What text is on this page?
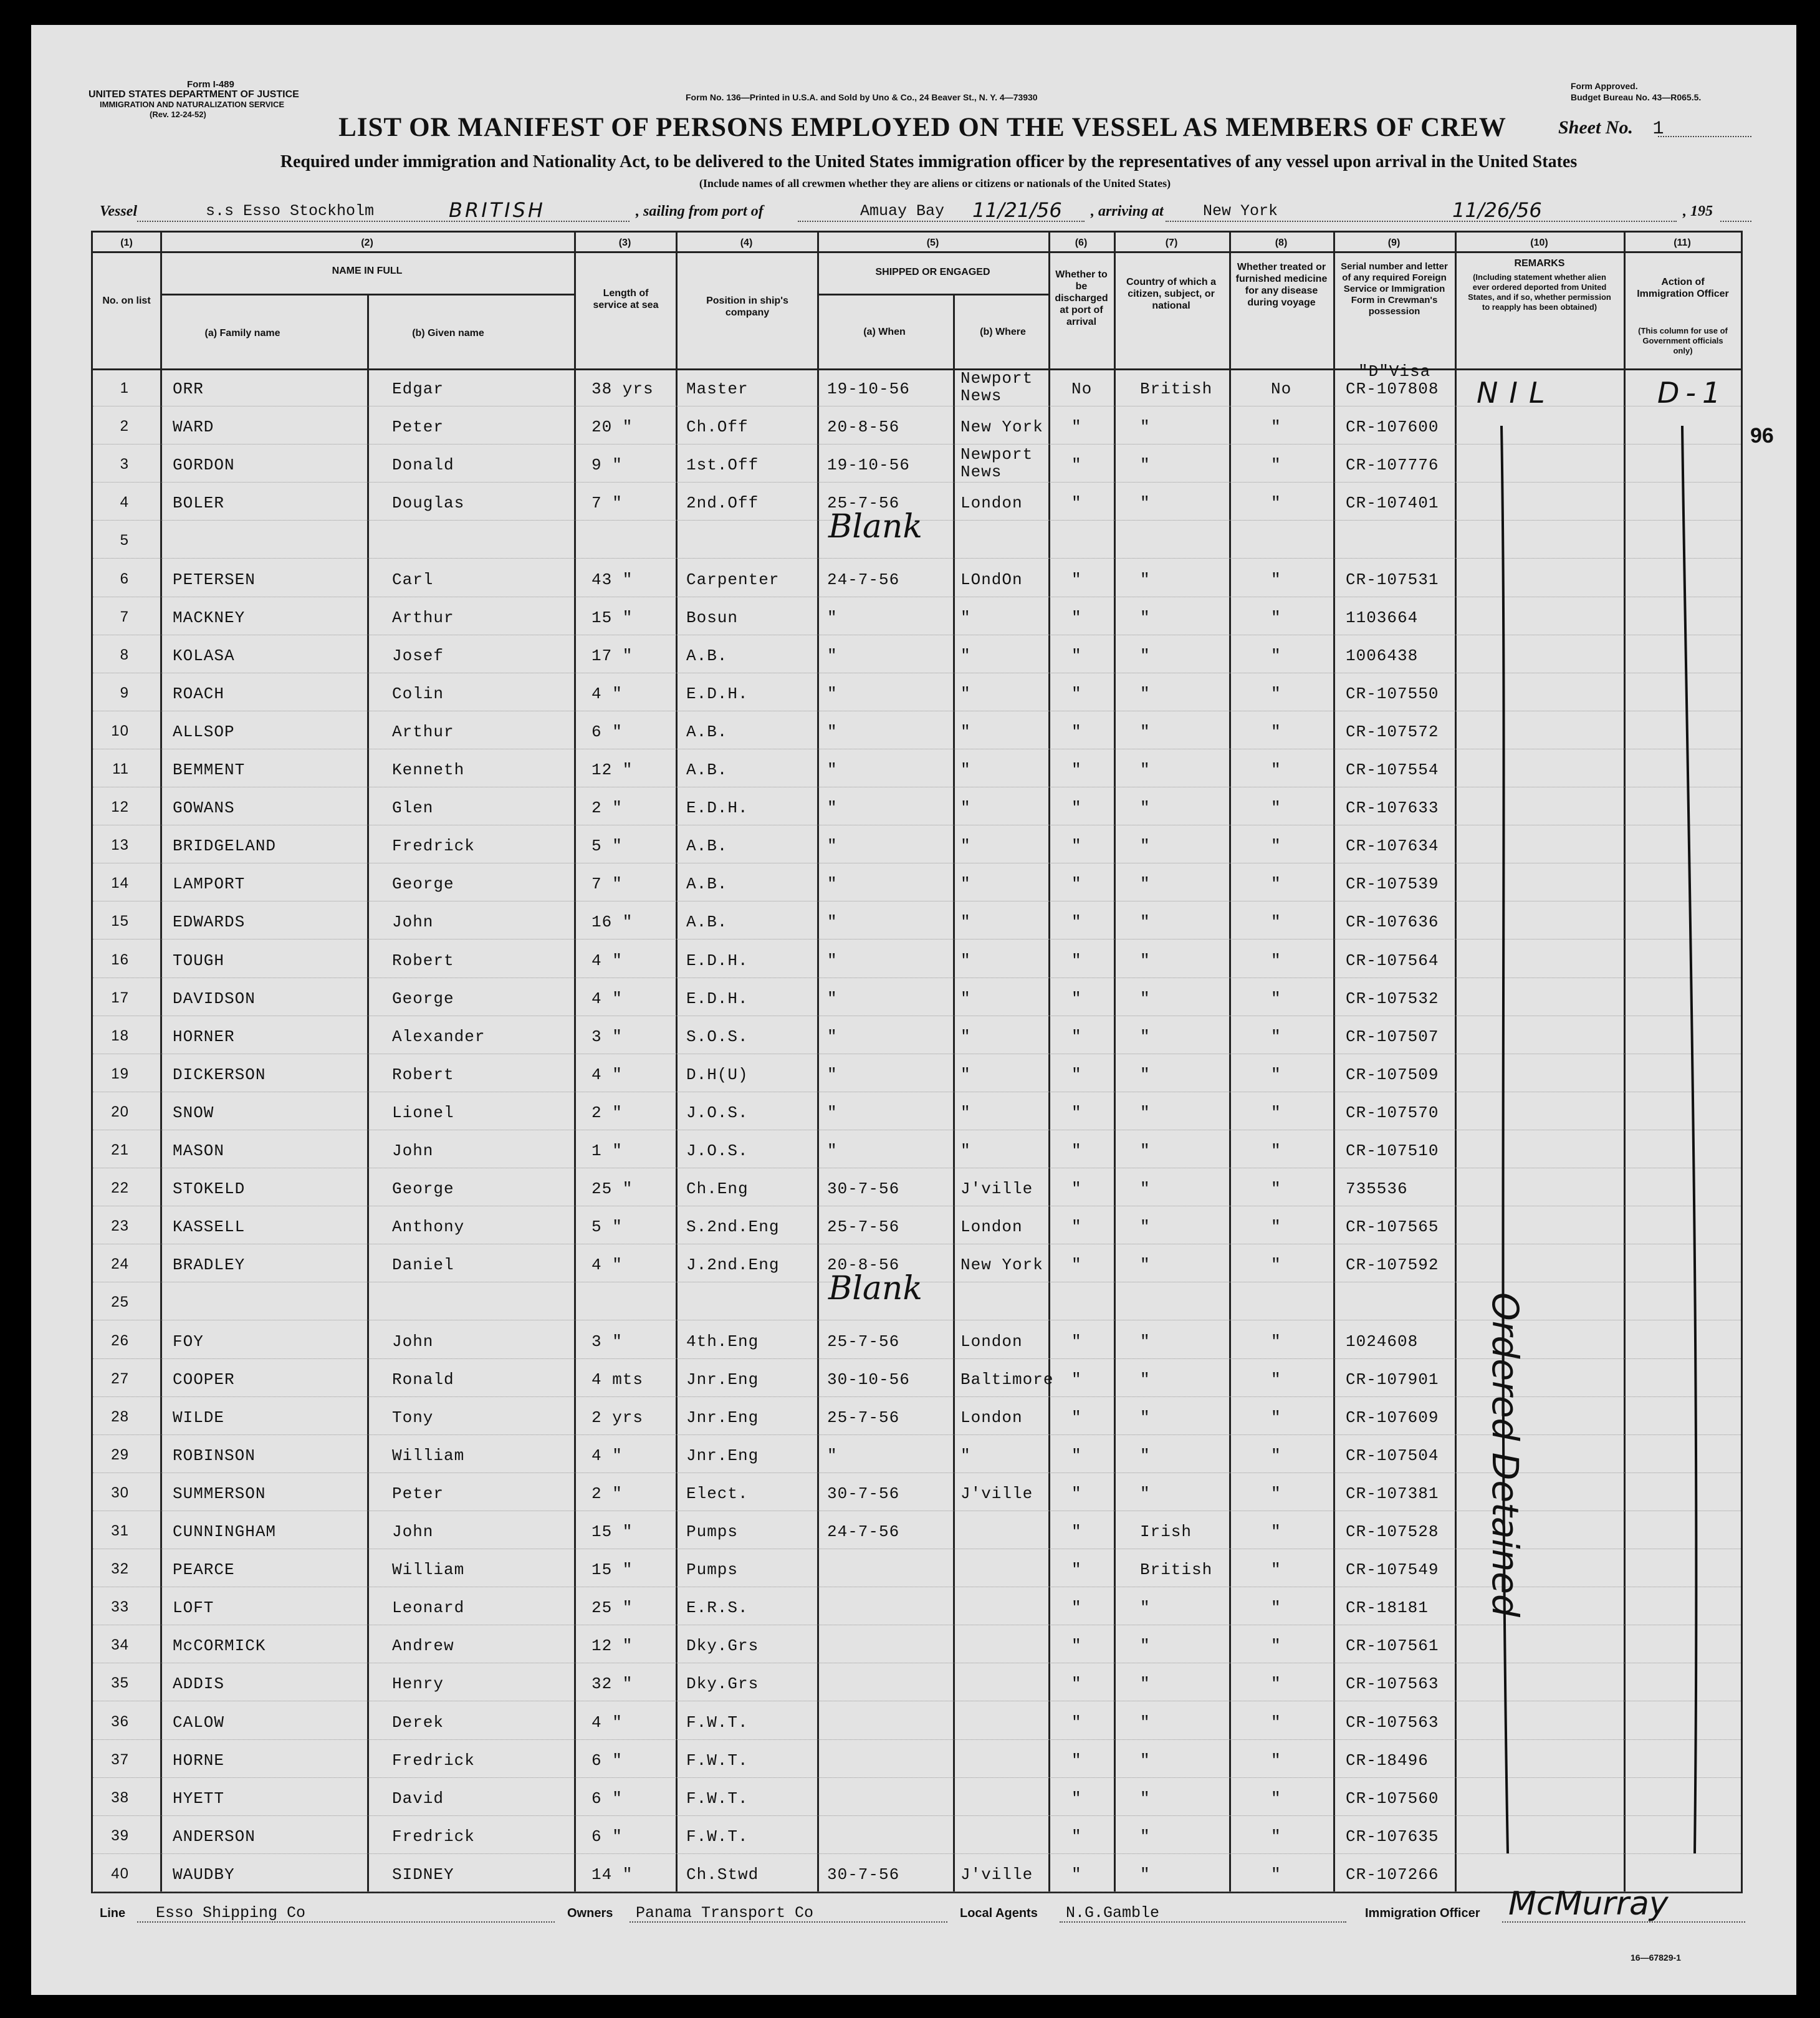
Form I-489
UNITED STATES DEPARTMENT OF JUSTICE
IMMIGRATION AND NATURALIZATION SERVICE
(Rev. 12-24-52)
Form No. 136—Printed in U.S.A. and Sold by Uno & Co., 24 Beaver St., N. Y. 4—73930
Form Approved.
Budget Bureau No. 43—R065.5.
LIST OR MANIFEST OF PERSONS EMPLOYED ON THE VESSEL AS MEMBERS OF CREW	Sheet No. 1
Required under immigration and Nationality Act, to be delivered to the United States immigration officer by the representatives of any vessel upon arrival in the United States
(Include names of all crewmen whether they are aliens or citizens or nationals of the United States)
Vessel	s.s Esso Stockholm	BRITISH	, sailing from port of	Amuay Bay 11/21/56 , arriving at	New York	11/26/56	, 195
(1)	(2)	(3)	(4)	(5)	(6)	(7)	(8)	(9)	(10)	(11)
No. on list
NAME IN FULL
(a) Family name	(b) Given name
Length of service at sea	Position in ship's company
SHIPPED OR ENGAGED
(a) When	(b) Where
Whether to be discharged at port of arrival
Country of which a citizen, subject, or national
Whether treated or furnished medicine for any disease during voyage
Serial number and letter of any required Foreign Service or Immigration Form in Crewman's possession
REMARKS
(Including statement whether alien ever ordered deported from United States, and if so, whether permission to reapply has been obtained)
Action of Immigration Officer
(This column for use of Government officials only)
1	ORR	Edgar	38 yrs Master	19-10-56
Newport News	No	British	No	CR-107808
"D"Visa
2	WARD	Peter	20 "	Ch.Off	20-8-56	New York "	"	"	CR-107600
3	GORDON	Donald	9 "	1st.Off	19-10-56
Newport News	"	"	"	CR-107776
4	BOLER	Douglas	7 "	2nd.Off	25-7-56	London	"	"	"	CR-107401
5	Blank
6	PETERSEN	Carl	43 "	Carpenter	24-7-56	LOndOn	"	"	"	CR-107531
7	MACKNEY	Arthur	15 "	Bosun	"	"	"	"	"	1103664
8	KOLASA	Josef	17 "	A.B.	"	"	"	"	"	1006438
9	ROACH	Colin	4 "	E.D.H.	"	"	"	"	"	CR-107550
10	ALLSOP	Arthur	6 "	A.B.	"	"	"	"	"	CR-107572
11	BEMMENT	Kenneth	12 "	A.B.	"	"	"	"	"	CR-107554
12	GOWANS	Glen	2 "	E.D.H.	"	"	"	"	"	CR-107633
13	BRIDGELAND	Fredrick	5 "	A.B.	"	"	"	"	"	CR-107634
14	LAMPORT	George	7 "	A.B.	"	"	"	"	"	CR-107539
15	EDWARDS	John	16 "	A.B.	"	"	"	"	"	CR-107636
16	TOUGH	Robert	4 "	E.D.H.	"	"	"	"	"	CR-107564
17	DAVIDSON	George	4 "	E.D.H.	"	"	"	"	"	CR-107532
18	HORNER	Alexander	3 "	S.O.S.	"	"	"	"	"	CR-107507
19	DICKERSON	Robert	4 "	D.H(U)	"	"	"	"	"	CR-107509
20	SNOW	Lionel	2 "	J.O.S.	"	"	"	"	"	CR-107570
21	MASON	John	1 "	J.O.S.	"	"	"	"	"	CR-107510
22	STOKELD	George	25 "	Ch.Eng	30-7-56	J'ville "	"	"	735536
23	KASSELL	Anthony	5 "	S.2nd.Eng	25-7-56	London	"	"	"	CR-107565
24	BRADLEY	Daniel	4 "	J.2nd.Eng	20-8-56	New York "	"	"	CR-107592
25	Blank
26	FOY	John	3 "	4th.Eng	25-7-56	London	"	"	"	1024608
27	COOPER	Ronald	4 mts	Jnr.Eng	30-10-56	Baltimore "	"	"	CR-107901
28	WILDE	Tony	2 yrs	Jnr.Eng	25-7-56	London	"	"	"	CR-107609
29	ROBINSON	William	4 "	Jnr.Eng	"	"	"	"	"	CR-107504
30	SUMMERSON	Peter	2 "	Elect.	30-7-56	J'ville "	"	"	CR-107381
31	CUNNINGHAM	John	15 "	Pumps	24-7-56	"	Irish	"	CR-107528
32	PEARCE	William	15 "	Pumps	"	British	"	CR-107549
33	LOFT	Leonard	25 "	E.R.S.	"	"	"	CR-18181
34	McCORMICK	Andrew	12 "	Dky.Grs	"	"	"	CR-107561
35	ADDIS	Henry	32 "	Dky.Grs	"	"	"	CR-107563
36	CALOW	Derek	4 "	F.W.T.	"	"	"	CR-107563
37	HORNE	Fredrick	6 "	F.W.T.	"	"	"	CR-18496
38	HYETT	David	6 "	F.W.T.	"	"	"	CR-107560
39	ANDERSON	Fredrick	6 "	F.W.T.	"	"	"	CR-107635
40	WAUDBY	SIDNEY	14 "	Ch.Stwd	30-7-56	J'ville "	"	"	CR-107266
NIL	D-1
Ordered Detained
96
Line Esso Shipping Co	Owners Panama Transport Co	Local Agents N.G.Gamble	Immigration Officer McMurray
16—67829-1
